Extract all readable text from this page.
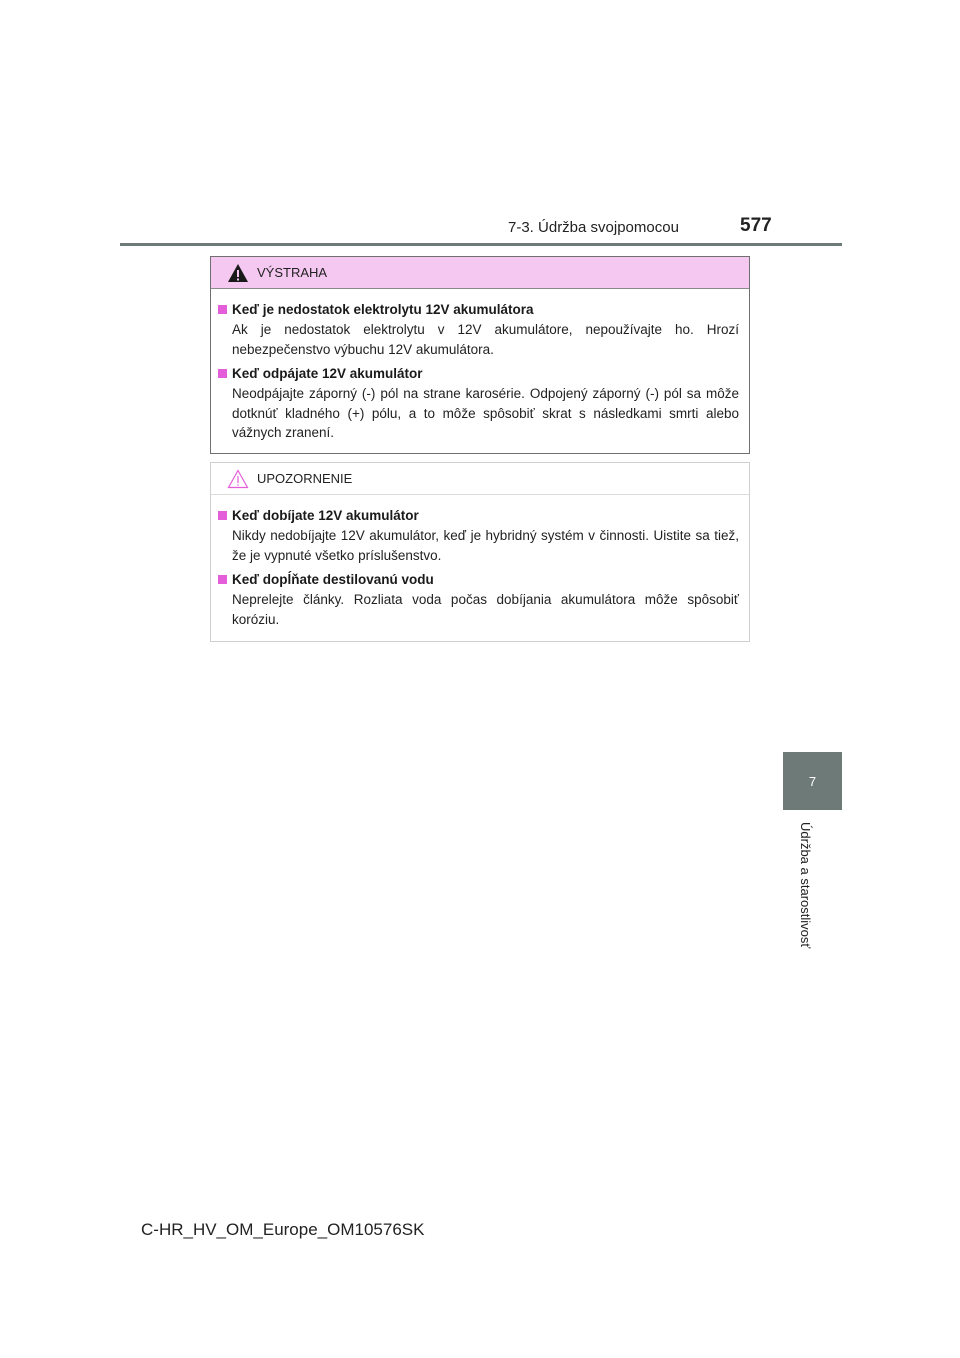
7-3. Údržba svojpomocou	577
7
Údržba a starostlivosť
VÝSTRAHA
Keď je nedostatok elektrolytu 12V akumulátora
Ak je nedostatok elektrolytu v 12V akumulátore, nepoužívajte ho. Hrozí nebezpečenstvo výbuchu 12V akumulátora.
Keď odpájate 12V akumulátor
Neodpájajte záporný (-) pól na strane karosérie. Odpojený záporný (-) pól sa môže dotknúť kladného (+) pólu, a to môže spôsobiť skrat s následkami smrti alebo vážnych zranení.
UPOZORNENIE
Keď dobíjate 12V akumulátor
Nikdy nedobíjajte 12V akumulátor, keď je hybridný systém v činnosti. Uistite sa tiež, že je vypnuté všetko príslušenstvo.
Keď dopĺňate destilovanú vodu
Neprelejte články. Rozliata voda počas dobíjania akumulátora môže spôsobiť koróziu.
C-HR_HV_OM_Europe_OM10576SK
